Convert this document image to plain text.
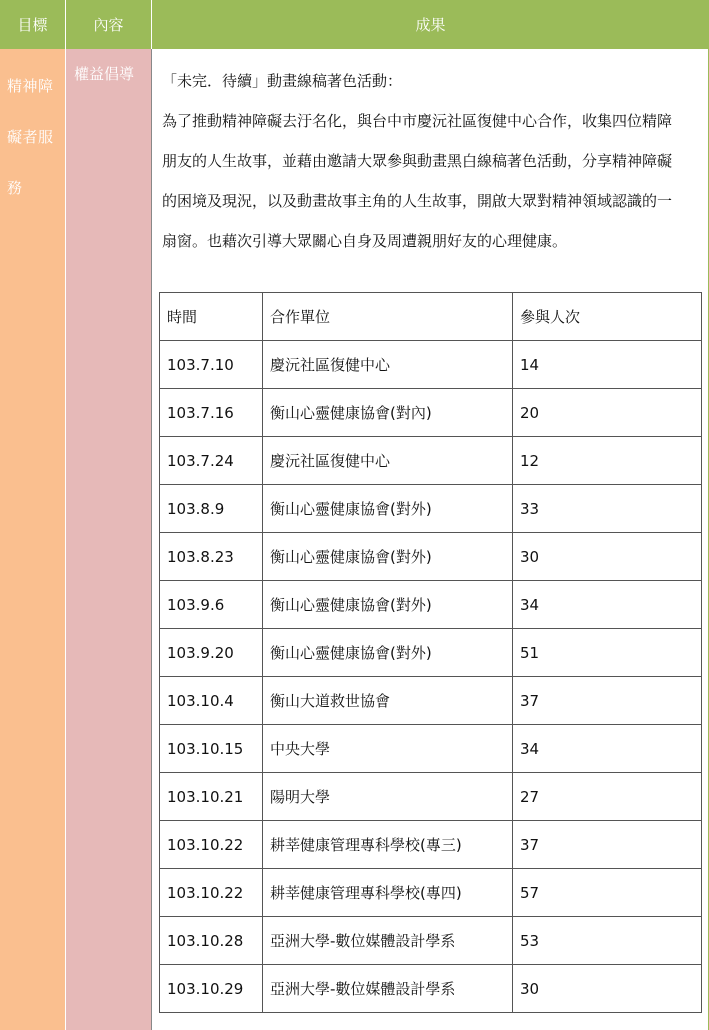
目標	內容	成果
精神障
礙者服
務
權益倡導 「未完．待續」動畫線稿著色活動：
為了推動精神障礙去汙名化，與台中市慶沅社區復健中心合作，收集四位精障
朋友的人生故事，並藉由邀請大眾參與動畫黑白線稿著色活動，分享精神障礙
的困境及現況，以及動畫故事主角的人生故事，開啟大眾對精神領域認識的一
扇窗。也藉次引導大眾關心自身及周遭親朋好友的心理健康。
時間	合作單位	參與人次
103.7.10	慶沅社區復健中心	14
103.7.16	衡山心靈健康協會(對內)	20
103.7.24	慶沅社區復健中心	12
103.8.9	衡山心靈健康協會(對外)	33
103.8.23	衡山心靈健康協會(對外)	30
103.9.6	衡山心靈健康協會(對外)	34
103.9.20	衡山心靈健康協會(對外)	51
103.10.4	衡山大道救世協會	37
103.10.15	中央大學	34
103.10.21	陽明大學	27
103.10.22	耕莘健康管理專科學校(專三)	37
103.10.22	耕莘健康管理專科學校(專四)	57
103.10.28	亞洲大學-數位媒體設計學系	53
103.10.29	亞洲大學-數位媒體設計學系	30
